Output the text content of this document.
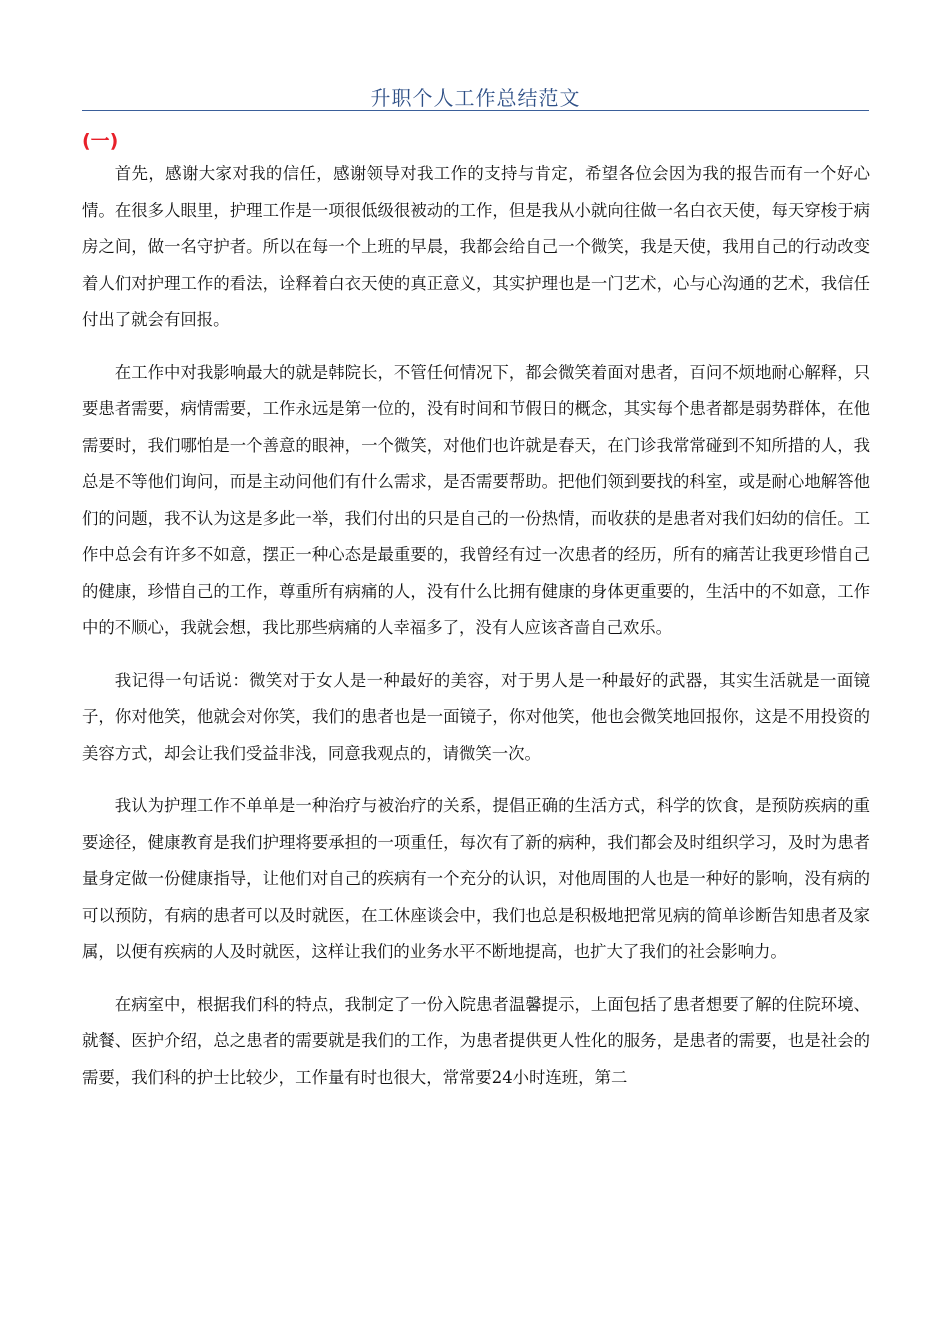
升职个人工作总结范文
(一)

首先，感谢大家对我的信任，感谢领导对我工作的支持与肯定，希望各位会因为我的报告而有一个好心情。在很多人眼里，护理工作是一项很低级很被动的工作，但是我从小就向往做一名白衣天使，每天穿梭于病房之间，做一名守护者。所以在每一个上班的早晨，我都会给自己一个微笑，我是天使，我用自己的行动改变着人们对护理工作的看法，诠释着白衣天使的真正意义，其实护理也是一门艺术，心与心沟通的艺术，我信任付出了就会有回报。

在工作中对我影响最大的就是韩院长，不管任何情况下，都会微笑着面对患者，百问不烦地耐心解释，只要患者需要，病情需要，工作永远是第一位的，没有时间和节假日的概念，其实每个患者都是弱势群体，在他需要时，我们哪怕是一个善意的眼神，一个微笑，对他们也许就是春天，在门诊我常常碰到不知所措的人，我总是不等他们询问，而是主动问他们有什么需求，是否需要帮助。把他们领到要找的科室，或是耐心地解答他们的问题，我不认为这是多此一举，我们付出的只是自己的一份热情，而收获的是患者对我们妇幼的信任。工作中总会有许多不如意，摆正一种心态是最重要的，我曾经有过一次患者的经历，所有的痛苦让我更珍惜自己的健康，珍惜自己的工作，尊重所有病痛的人，没有什么比拥有健康的身体更重要的，生活中的不如意，工作中的不顺心，我就会想，我比那些病痛的人幸福多了，没有人应该吝啬自己欢乐。

我记得一句话说：微笑对于女人是一种最好的美容，对于男人是一种最好的武器，其实生活就是一面镜子，你对他笑，他就会对你笑，我们的患者也是一面镜子，你对他笑，他也会微笑地回报你，这是不用投资的美容方式，却会让我们受益非浅，同意我观点的，请微笑一次。

我认为护理工作不单单是一种治疗与被治疗的关系，提倡正确的生活方式，科学的饮食，是预防疾病的重要途径，健康教育是我们护理将要承担的一项重任，每次有了新的病种，我们都会及时组织学习，及时为患者量身定做一份健康指导，让他们对自己的疾病有一个充分的认识，对他周围的人也是一种好的影响，没有病的可以预防，有病的患者可以及时就医，在工休座谈会中，我们也总是积极地把常见病的简单诊断告知患者及家属，以便有疾病的人及时就医，这样让我们的业务水平不断地提高，也扩大了我们的社会影响力。

在病室中，根据我们科的特点，我制定了一份入院患者温馨提示，上面包括了患者想要了解的住院环境、就餐、医护介绍，总之患者的需要就是我们的工作，为患者提供更人性化的服务，是患者的需要，也是社会的需要，我们科的护士比较少，工作量有时也很大，常常要24小时连班，第二
